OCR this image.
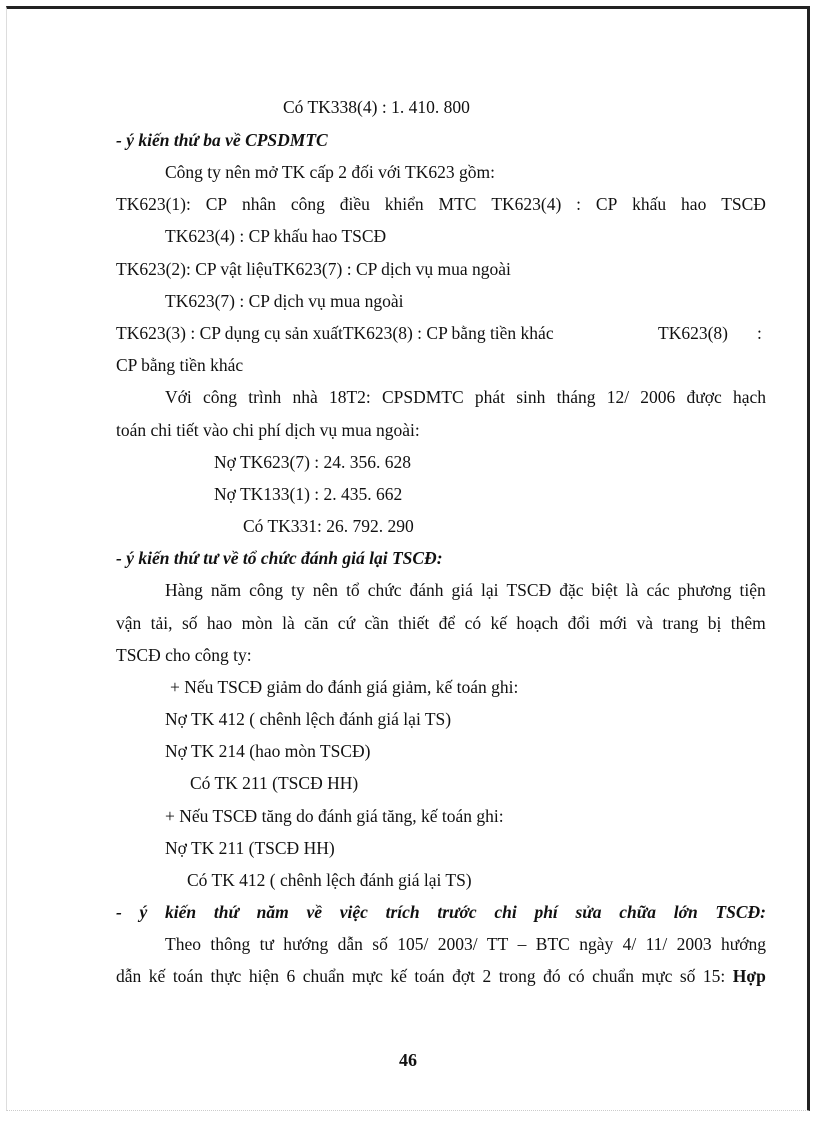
Có TK338(4) : 1. 410. 800
- ý kiến thứ ba về CPSDMTC
Công ty nên mở TK cấp 2 đối với TK623 gồm:
TK623(1): CP nhân công điều khiển MTC TK623(4) : CP khấu hao TSCĐ
TK623(4) : CP khấu hao TSCĐ
TK623(2): CP vật liệuTK623(7) : CP dịch vụ mua ngoài
TK623(7) : CP dịch vụ mua ngoài
TK623(3) : CP dụng cụ sản xuấtTK623(8) : CP bằng tiền khác	TK623(8) :
CP bằng tiền khác
Với công trình nhà 18T2: CPSDMTC phát sinh tháng 12/ 2006 được hạch
toán chi tiết vào chi phí dịch vụ mua ngoài:
Nợ TK623(7) : 24. 356. 628
Nợ TK133(1) : 2. 435. 662
Có TK331: 26. 792. 290
- ý kiến thứ tư về tổ chức đánh giá lại TSCĐ:
Hàng năm công ty nên tổ chức đánh giá lại TSCĐ đặc biệt là các phương tiện
vận tải, số hao mòn là căn cứ cần thiết để có kế hoạch đổi mới và trang bị thêm
TSCĐ cho công ty:
+ Nếu TSCĐ giảm do đánh giá giảm, kế toán ghi:
Nợ TK 412 ( chênh lệch đánh giá lại TS)
Nợ TK 214 (hao mòn TSCĐ)
Có TK 211 (TSCĐ HH)
+ Nếu TSCĐ tăng do đánh giá tăng, kế toán ghi:
Nợ TK 211 (TSCĐ HH)
Có TK 412 ( chênh lệch đánh giá lại TS)
- ý kiến thứ năm về việc trích trước chi phí sửa chữa lớn TSCĐ:
Theo thông tư hướng dẫn số 105/ 2003/ TT – BTC ngày 4/ 11/ 2003 hướng
dẫn kế toán thực hiện 6 chuẩn mực kế toán đợt 2 trong đó có chuẩn mực số 15: Hợp
46
